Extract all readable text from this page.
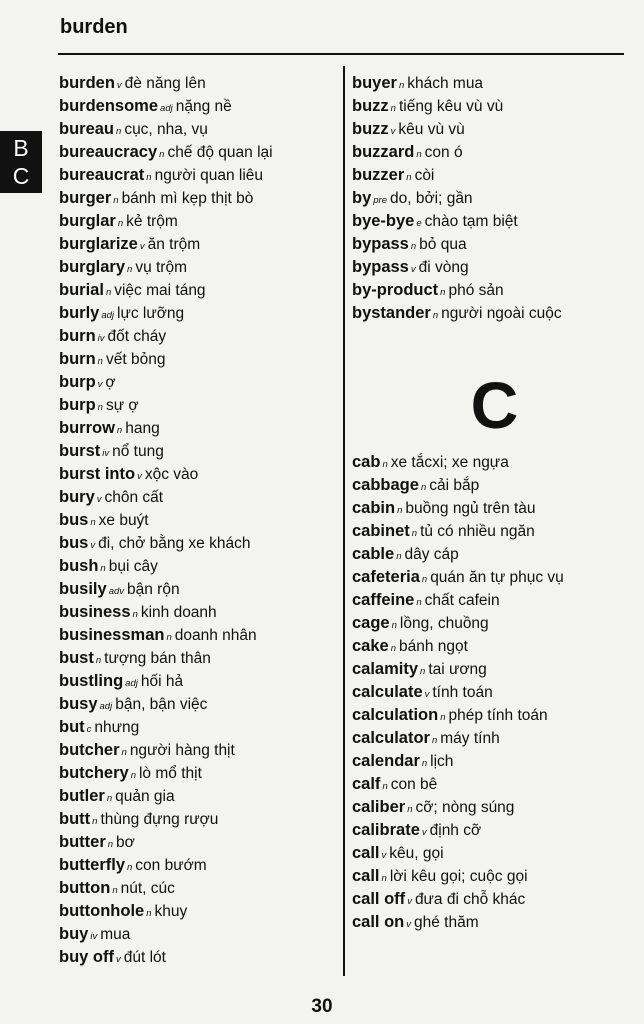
burden
B
C
burden v đè năng lên
burdensome adj nặng nề
bureau n cục, nha, vụ
bureaucracy n chế độ quan lại
bureaucrat n người quan liêu
burger n bánh mì kẹp thịt bò
burglar n kẻ trộm
burglarize v ăn trộm
burglary n vụ trộm
burial n việc mai táng
burly adj lực lưỡng
burn iv đốt cháy
burn n vết bỏng
burp v ợ
burp n sự ợ
burrow n hang
burst iv nổ tung
burst into v xộc vào
bury v chôn cất
bus n xe buýt
bus v đi, chở bằng xe khách
bush n bụi cây
busily adv bận rộn
business n kinh doanh
businessman n doanh nhân
bust n tượng bán thân
bustling adj hối hả
busy adj bận, bận việc
but c nhưng
butcher n người hàng thịt
butchery n lò mổ thịt
butler n quản gia
butt n thùng đựng rượu
butter n bơ
butterfly n con bướm
button n nút, cúc
buttonhole n khuy
buy iv mua
buy off v đút lót
buyer n khách mua
buzz n tiếng kêu vù vù
buzz v kêu vù vù
buzzard n con ó
buzzer n còi
by pre do, bởi; gần
bye-bye e chào tạm biệt
bypass n bỏ qua
bypass v đi vòng
by-product n phó sản
bystander n người ngoài cuộc
C
cab n xe tắcxi; xe ngựa
cabbage n cải bắp
cabin n buồng ngủ trên tàu
cabinet n tủ có nhiều ngăn
cable n dây cáp
cafeteria n quán ăn tự phục vụ
caffeine n chất cafein
cage n lồng, chuồng
cake n bánh ngọt
calamity n tai ương
calculate v tính toán
calculation n phép tính toán
calculator n máy tính
calendar n lịch
calf n con bê
caliber n cỡ; nòng súng
calibrate v định cỡ
call v kêu, gọi
call n lời kêu gọi; cuộc gọi
call off v đưa đi chỗ khác
call on v ghé thăm
30
